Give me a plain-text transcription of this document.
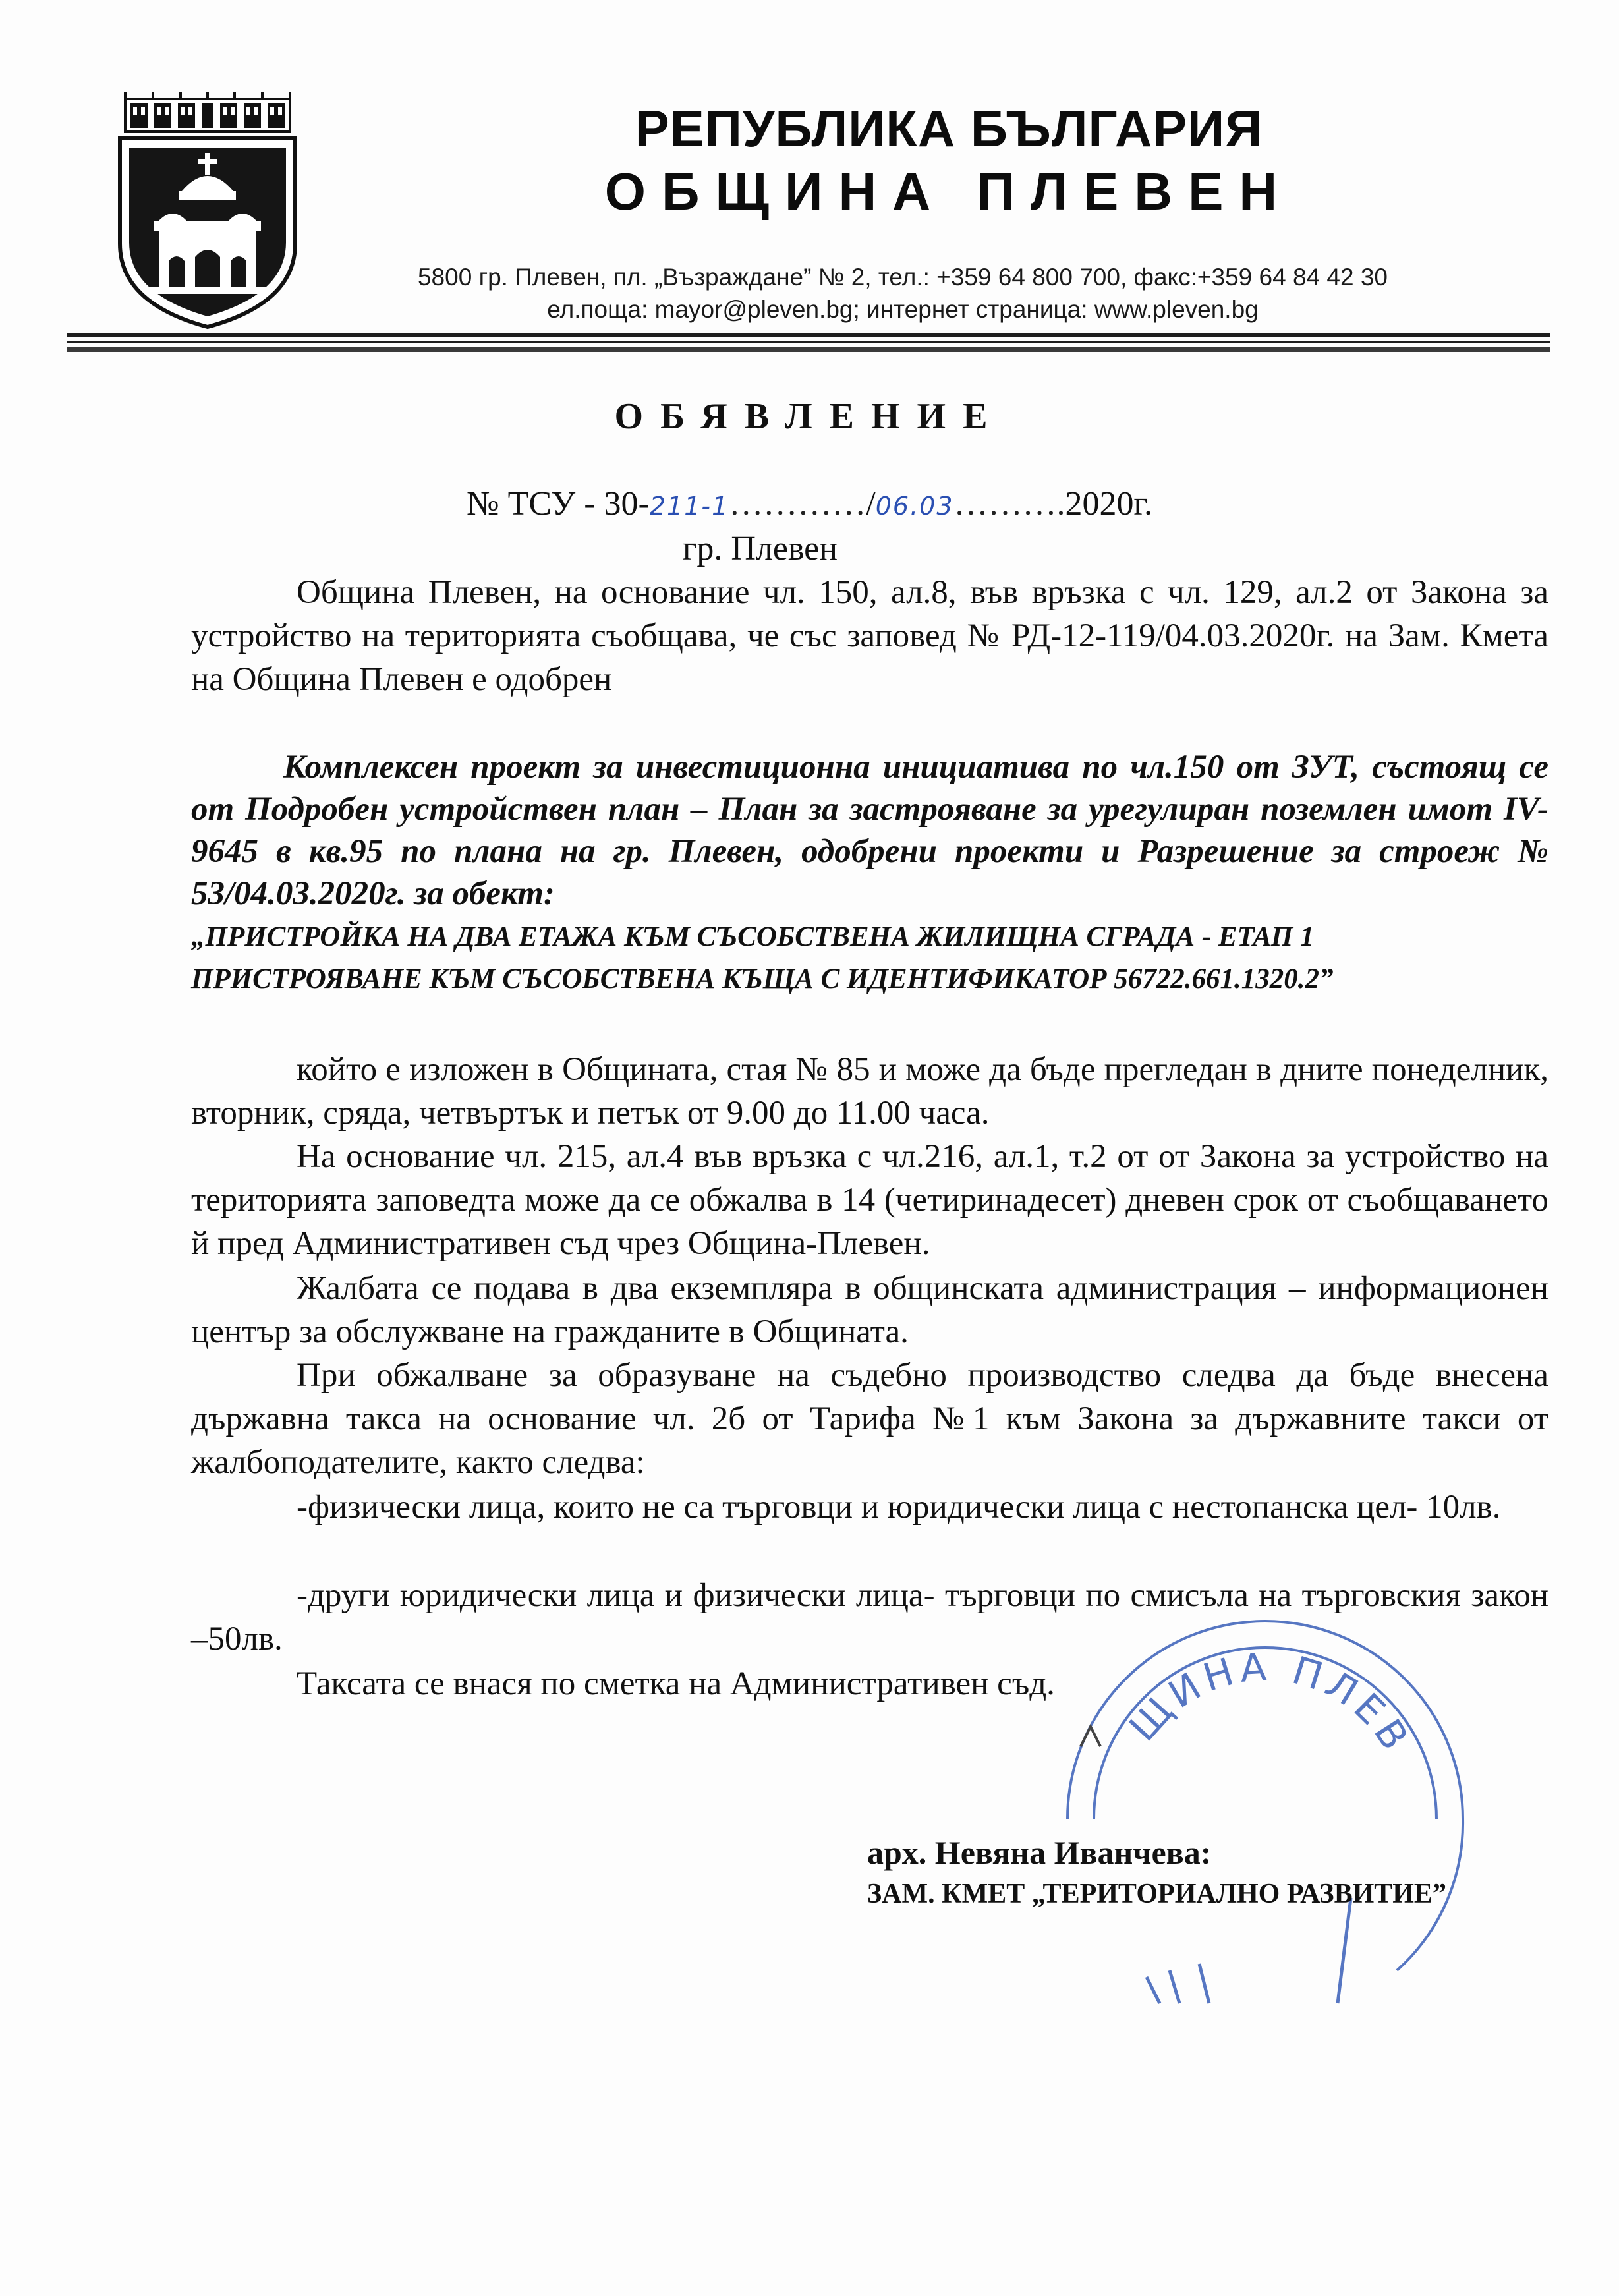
РЕПУБЛИКА БЪЛГАРИЯ
ОБЩИНА ПЛЕВЕН
5800 гр. Плевен, пл. „Възраждане” № 2, тел.: +359 64 800 700, факс:+359 64 84 42 30
ел.поща: mayor@pleven.bg; интернет страница: www.pleven.bg
ОБЯВЛЕНИЕ
№ ТСУ - 30-211-1…………/06.03……….2020г.
гр. Плевен
Община Плевен, на основание чл. 150, ал.8, във връзка с чл. 129, ал.2 от Закона за устройство на територията съобщава, че със заповед № РД-12-119/04.03.2020г. на Зам. Кмета на Община Плевен е одобрен
Комплексен проект за инвестиционна инициатива по чл.150 от ЗУТ, състоящ се от Подробен устройствен план – План за застрояване за урегулиран поземлен имот IV-9645 в кв.95 по плана на гр. Плевен, одобрени проекти и Разрешение за строеж № 53/04.03.2020г. за обект:
„ПРИСТРОЙКА НА ДВА ЕТАЖА КЪМ СЪСОБСТВЕНА ЖИЛИЩНА СГРАДА - ЕТАП 1
ПРИСТРОЯВАНЕ КЪМ СЪСОБСТВЕНА КЪЩА С ИДЕНТИФИКАТОР 56722.661.1320.2”
който е изложен в Общината, стая № 85 и може да бъде прегледан в дните понеделник, вторник, сряда, четвъртък и петък от 9.00 до 11.00 часа.
На основание чл. 215, ал.4 във връзка с чл.216, ал.1, т.2 от от Закона за устройство на територията заповедта може да се обжалва в 14 (четиринадесет) дневен срок от съобщаването й пред Административен съд чрез Община-Плевен.
Жалбата се подава в два екземпляра в общинската администрация – информационен център за обслужване на гражданите в Общината.
При обжалване за образуване на съдебно производство следва да бъде внесена държавна такса на основание чл. 2б от Тарифа №1 към Закона за държавните такси от жалбоподателите, както следва:
-физически лица, които не са търговци и юридически лица с нестопанска цел- 10лв.
-други юридически лица и физически лица- търговци по смисъла на търговския закон –50лв.
Таксата се внася по сметка на Административен съд.
ЩИНА ПЛЕВ
арх. Невяна Иванчева:
ЗАМ. КМЕТ „ТЕРИТОРИАЛНО РАЗВИТИЕ”
